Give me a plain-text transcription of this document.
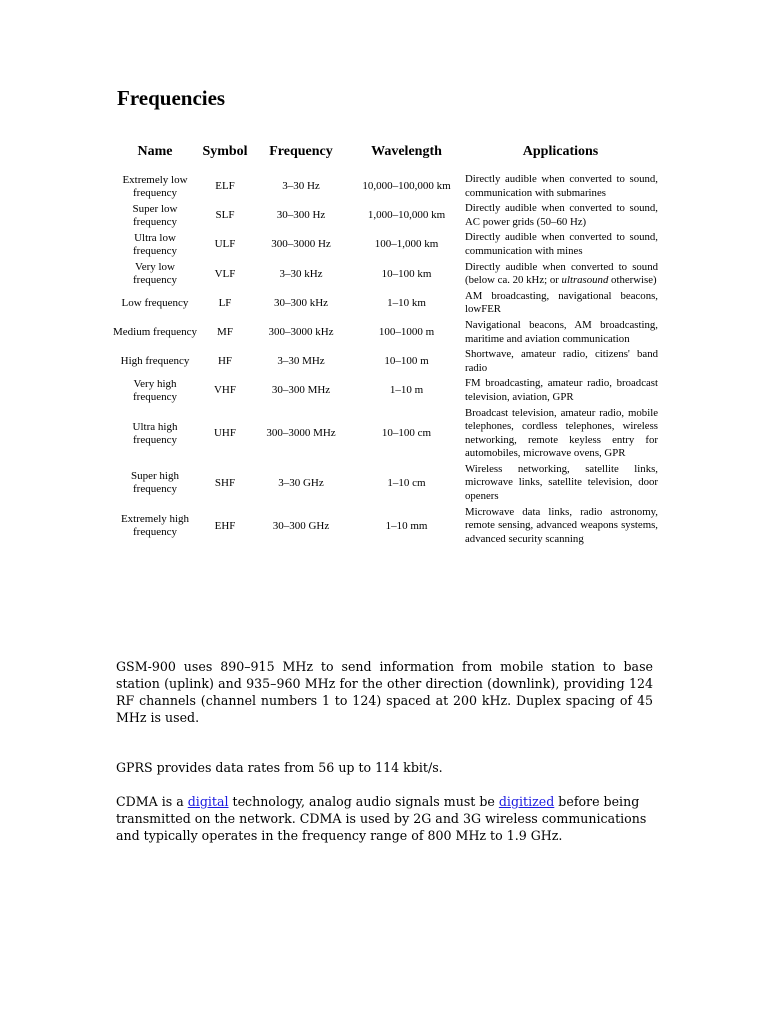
Frequencies
Name	Symbol	Frequency	Wavelength	Applications

Extremely low frequency	ELF	3–30 Hz	10,000–100,000 km	Directly audible when converted to sound, communication with submarines
Super low frequency	SLF	30–300 Hz	1,000–10,000 km	Directly audible when converted to sound, AC power grids (50–60 Hz)
Ultra low frequency	ULF	300–3000 Hz	100–1,000 km	Directly audible when converted to sound, communication with mines
Very low frequency	VLF	3–30 kHz	10–100 km	Directly audible when converted to sound (below ca. 20 kHz; or ultrasound otherwise)
Low frequency	LF	30–300 kHz	1–10 km	AM broadcasting, navigational beacons, lowFER
Medium frequency	MF	300–3000 kHz	100–1000 m	Navigational beacons, AM broadcasting, maritime and aviation communication
High frequency	HF	3–30 MHz	10–100 m	Shortwave, amateur radio, citizens' band radio
Very high frequency	VHF	30–300 MHz	1–10 m	FM broadcasting, amateur radio, broadcast television, aviation, GPR
Ultra high frequency	UHF	300–3000 MHz	10–100 cm	Broadcast television, amateur radio, mobile telephones, cordless telephones, wireless networking, remote keyless entry for automobiles, microwave ovens, GPR
Super high frequency	SHF	3–30 GHz	1–10 cm	Wireless networking, satellite links, microwave links, satellite television, door openers
Extremely high frequency	EHF	30–300 GHz	1–10 mm	Microwave data links, radio astronomy, remote sensing, advanced weapons systems, advanced security scanning

GSM-900 uses 890–915 MHz to send information from mobile station to base station (uplink) and 935–960 MHz for the other direction (downlink), providing 124 RF channels (channel numbers 1 to 124) spaced at 200 kHz. Duplex spacing of 45 MHz is used.

GPRS provides data rates from 56 up to 114 kbit/s.

CDMA is a digital technology, analog audio signals must be digitized before being transmitted on the network. CDMA is used by 2G and 3G wireless communications and typically operates in the frequency range of 800 MHz to 1.9 GHz.
